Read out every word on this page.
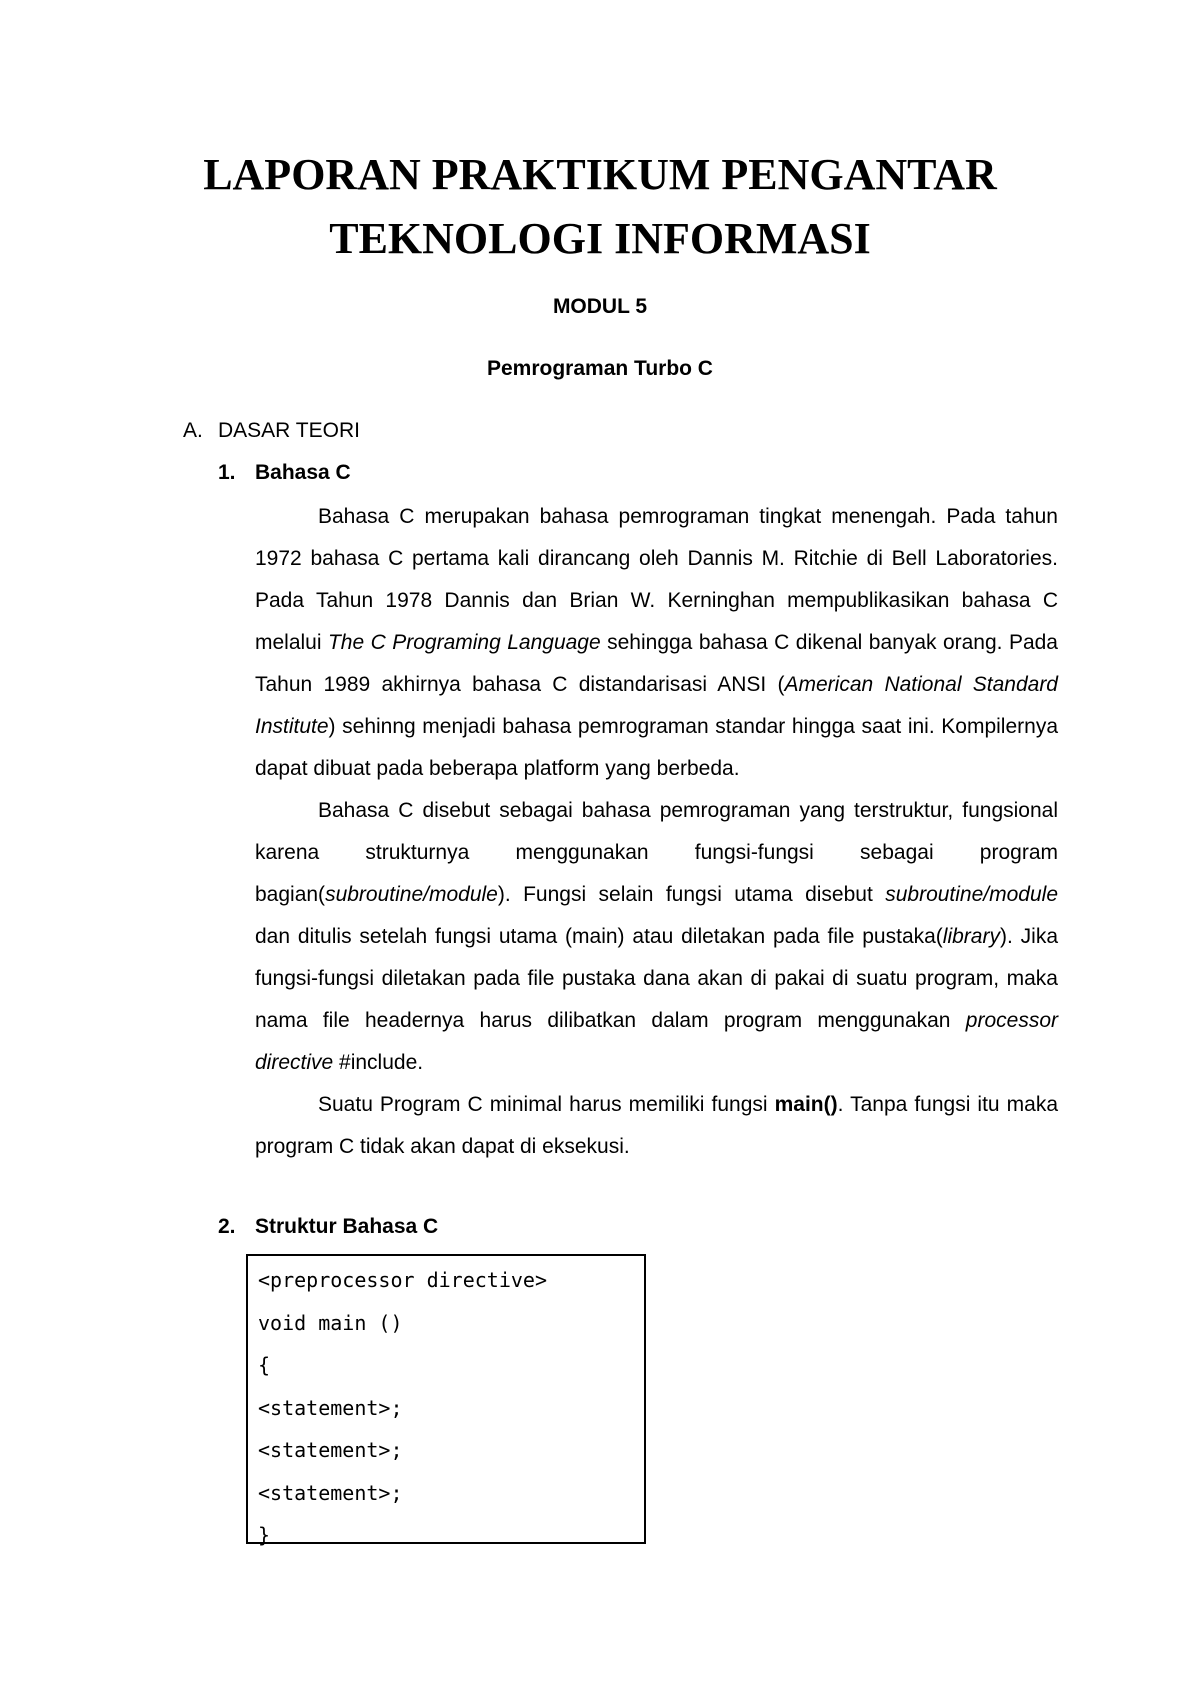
LAPORAN PRAKTIKUM PENGANTAR
TEKNOLOGI INFORMASI
MODUL 5
Pemrograman Turbo C
A. DASAR TEORI
1. Bahasa C

Bahasa C merupakan bahasa pemrograman tingkat menengah. Pada tahun 1972 bahasa C pertama kali dirancang oleh Dannis M. Ritchie di Bell Laboratories. Pada Tahun 1978 Dannis dan Brian W. Kerninghan mempublikasikan bahasa C melalui The C Programing Language sehingga bahasa C dikenal banyak orang. Pada Tahun 1989 akhirnya bahasa C distandarisasi ANSI (American National Standard Institute) sehinng menjadi bahasa pemrograman standar hingga saat ini. Kompilernya dapat dibuat pada beberapa platform yang berbeda.

Bahasa C disebut sebagai bahasa pemrograman yang terstruktur, fungsional karena strukturnya menggunakan fungsi-fungsi sebagai program bagian(subroutine/module). Fungsi selain fungsi utama disebut subroutine/module dan ditulis setelah fungsi utama (main) atau diletakan pada file pustaka(library). Jika fungsi-fungsi diletakan pada file pustaka dana akan di pakai di suatu program, maka nama file headernya harus dilibatkan dalam program menggunakan processor directive #include.

Suatu Program C minimal harus memiliki fungsi main(). Tanpa fungsi itu maka program C tidak akan dapat di eksekusi.

2. Struktur Bahasa C
<preprocessor directive>
void main ()
{
<statement>;
<statement>;
<statement>;
}
